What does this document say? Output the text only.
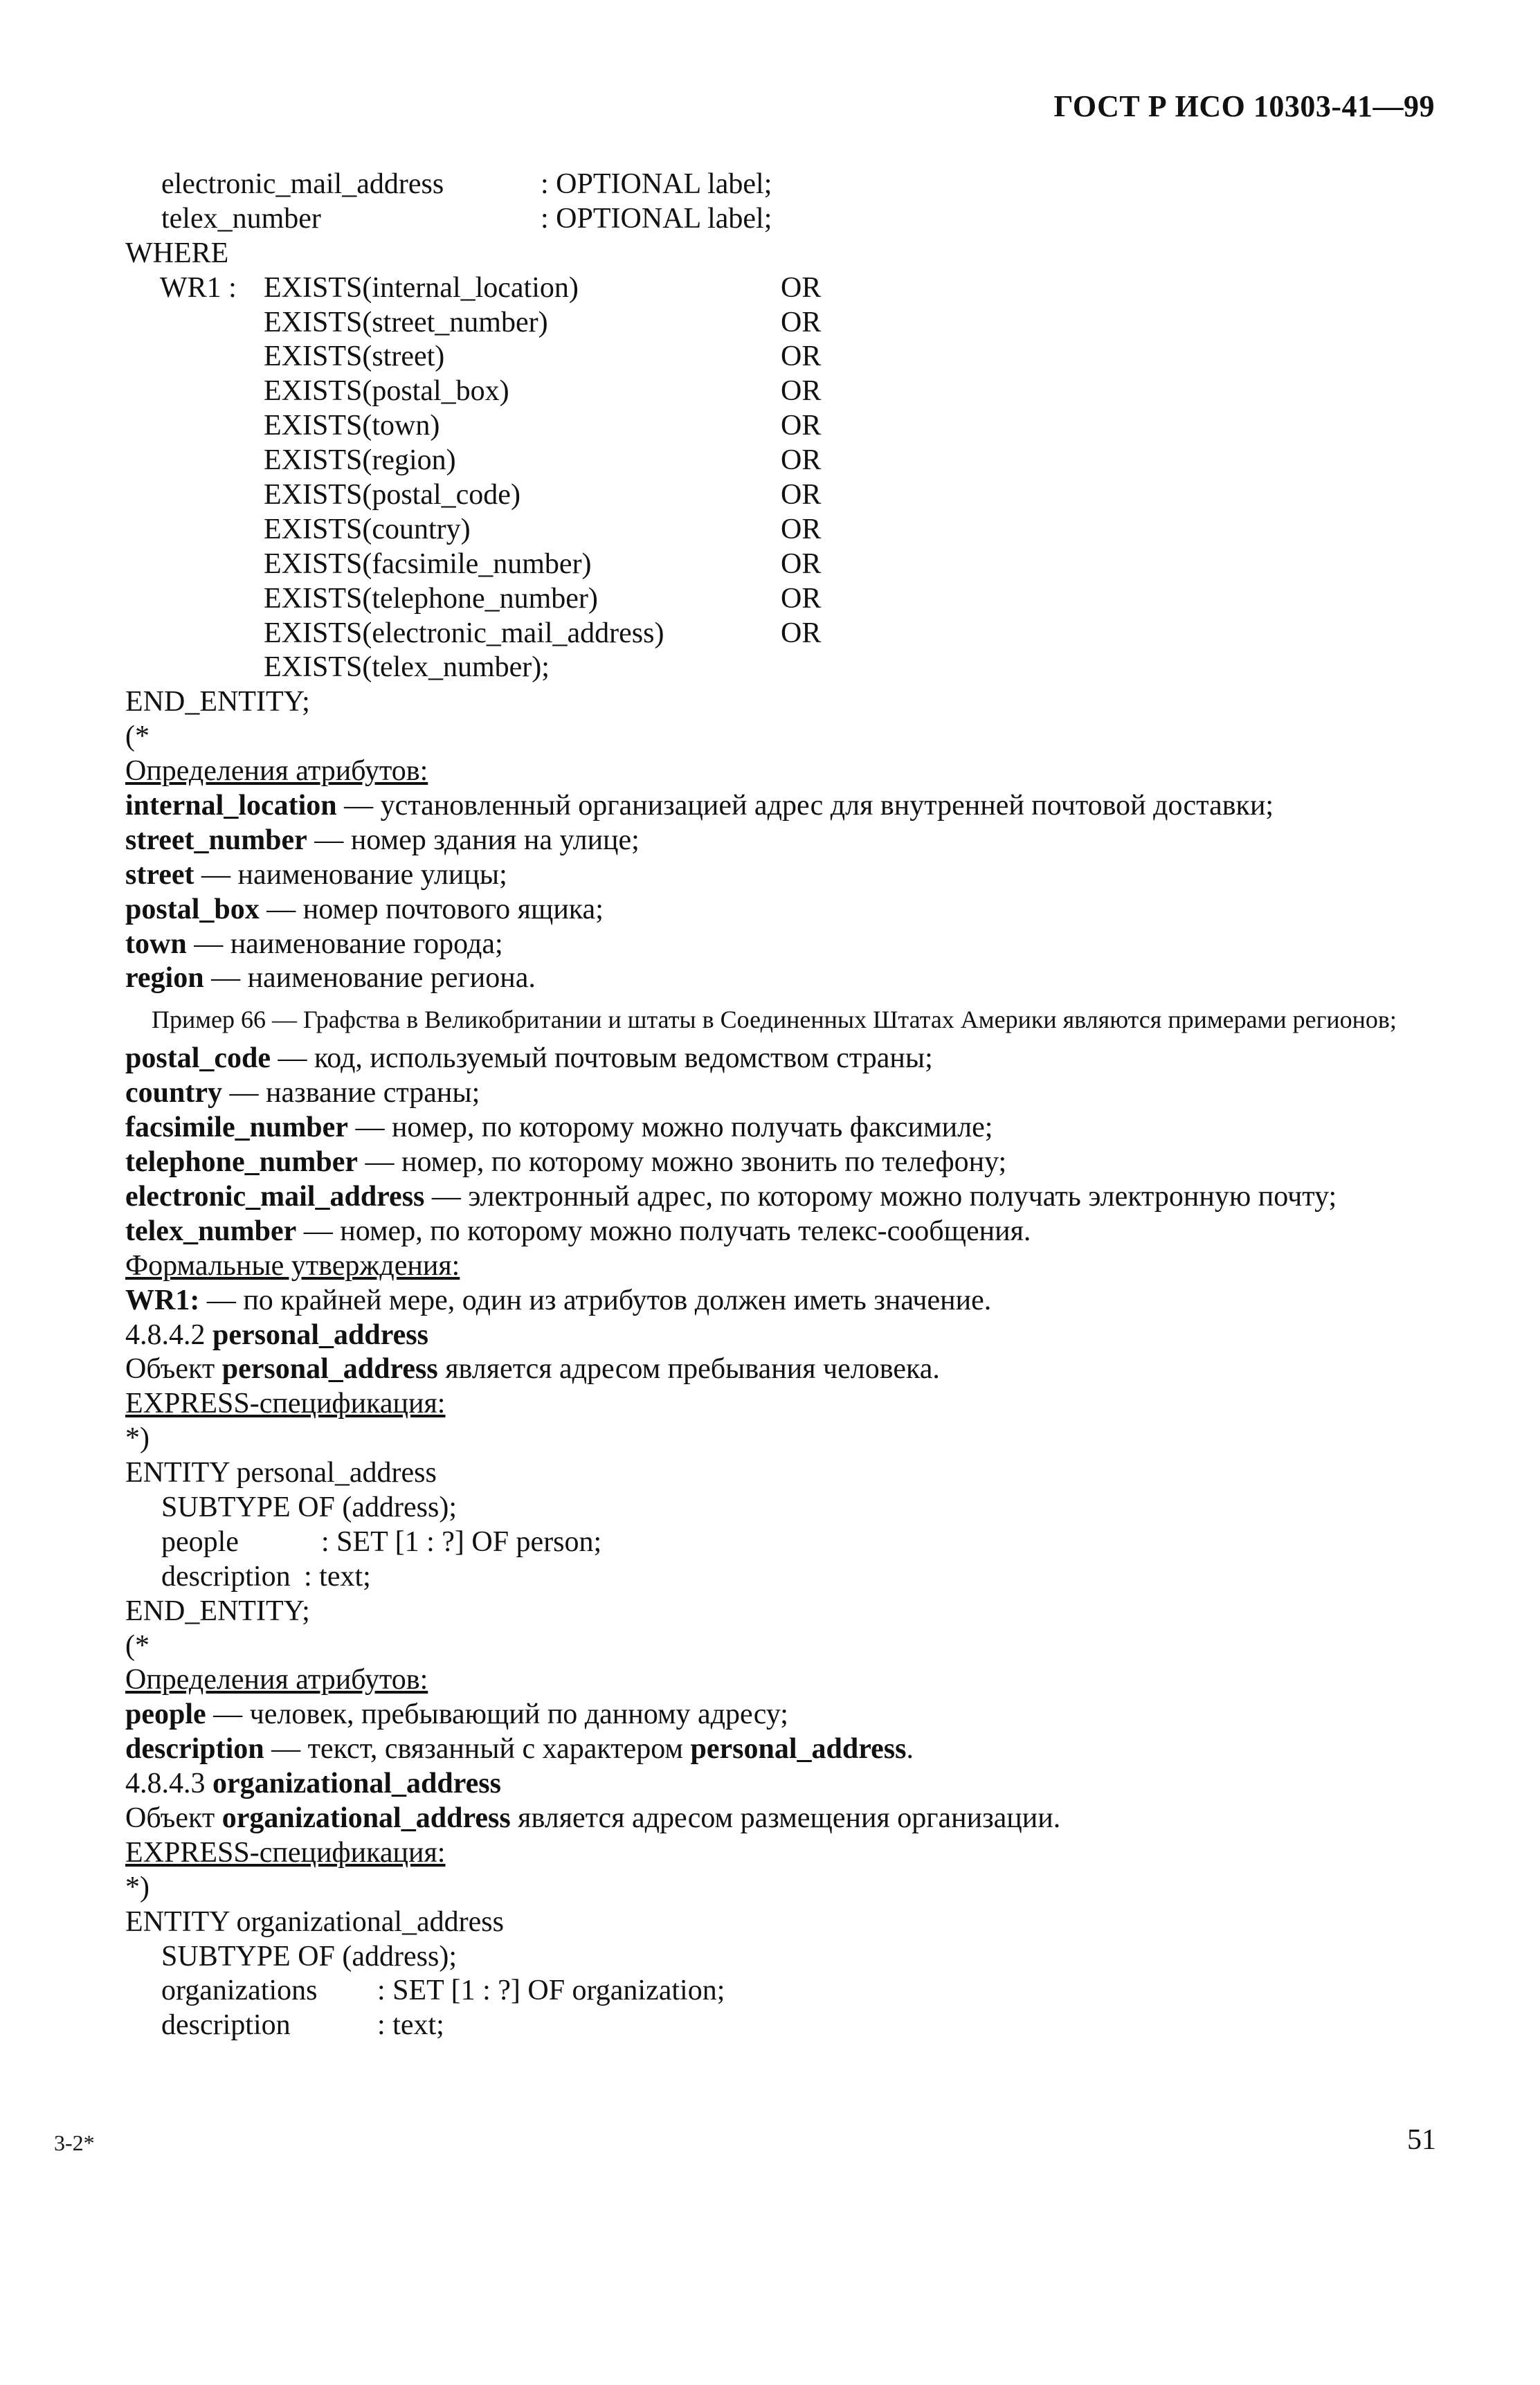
ГОСТ Р ИСО 10303-41—99
electronic_mail_address	: OPTIONAL label;
telex_number	: OPTIONAL label;
WHERE
WR1 : EXISTS(internal_location)	OR
EXISTS(street_number)	OR
EXISTS(street)	OR
EXISTS(postal_box)	OR
EXISTS(town)	OR
EXISTS(region)	OR
EXISTS(postal_code)	OR
EXISTS(country)	OR
EXISTS(facsimile_number)	OR
EXISTS(telephone_number)	OR
EXISTS(electronic_mail_address)	OR
EXISTS(telex_number);
END_ENTITY;
(*
Определения атрибутов:
internal_location — установленный организацией адрес для внутренней почтовой доставки;
street_number — номер здания на улице;
street — наименование улицы;
postal_box — номер почтового ящика;
town — наименование города;
region — наименование региона.
Пример 66 — Графства в Великобритании и штаты в Соединенных Штатах Америки являются примерами регионов;
postal_code — код, используемый почтовым ведомством страны;
country — название страны;
facsimile_number — номер, по которому можно получать факсимиле;
telephone_number — номер, по которому можно звонить по телефону;
electronic_mail_address — электронный адрес, по которому можно получать электронную почту;
telex_number — номер, по которому можно получать телекс-сообщения.
Формальные утверждения:
WR1: — по крайней мере, один из атрибутов должен иметь значение.
4.8.4.2 personal_address
Объект personal_address является адресом пребывания человека.
EXPRESS-спецификация:
*)
ENTITY personal_address
SUBTYPE OF (address);
people	: SET [1 : ?] OF person;
description : text;
END_ENTITY;
(*
Определения атрибутов:
people — человек, пребывающий по данному адресу;
description — текст, связанный с характером personal_address.
4.8.4.3 organizational_address
Объект organizational_address является адресом размещения организации.
EXPRESS-спецификация:
*)
ENTITY organizational_address
SUBTYPE OF (address);
organizations : SET [1 : ?] OF organization;
description	: text;
3-2*	51
